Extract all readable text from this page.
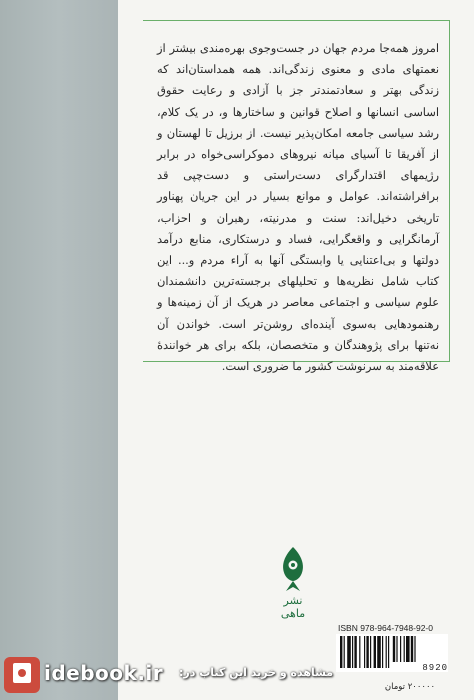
امروز همه‌جا مردم جهان در جست‌وجوی بهره‌مندی بیشتر از نعمتهای مادی و معنوی زندگی‌اند. همه همداستان‌اند که زندگی بهتر و سعادتمندتر جز با آزادی و رعایت حقوق اساسی انسانها و اصلاح قوانین و ساختارها و، در یک کلام، رشد سیاسی جامعه امکان‌پذیر نیست. از برزیل تا لهستان و از آفریقا تا آسیای میانه نیروهای دموکراسی‌خواه در برابر رژیمهای اقتدارگرای دست‌راستی و دست‌چپی قد برافراشته‌اند. عوامل و موانع بسیار در این جریان پهناور تاریخی دخیل‌اند: سنت و مدرنیته، رهبران و احزاب، آرمانگرایی و واقعگرایی، فساد و درستکاری، منابع درآمد دولتها و بی‌اعتنایی یا وابستگی آنها به آراء مردم و... این کتاب شامل نظریه‌ها و تحلیلهای برجسته‌ترین دانشمندان علوم سیاسی و اجتماعی معاصر در هریک از آن زمینه‌ها و رهنمودهایی به‌سوی آینده‌ای روشن‌تر است. خواندن آن نه‌تنها برای پژوهندگان و متخصصان، بلکه برای هر خوانندهٔ علاقه‌مند به سرنوشت کشور ما ضروری است.
نشر ماهی
ISBN 978-964-7948-92-0
8920
۲۰۰۰۰۰ تومان
idebook.ir مشاهده و خرید این کتاب در:
